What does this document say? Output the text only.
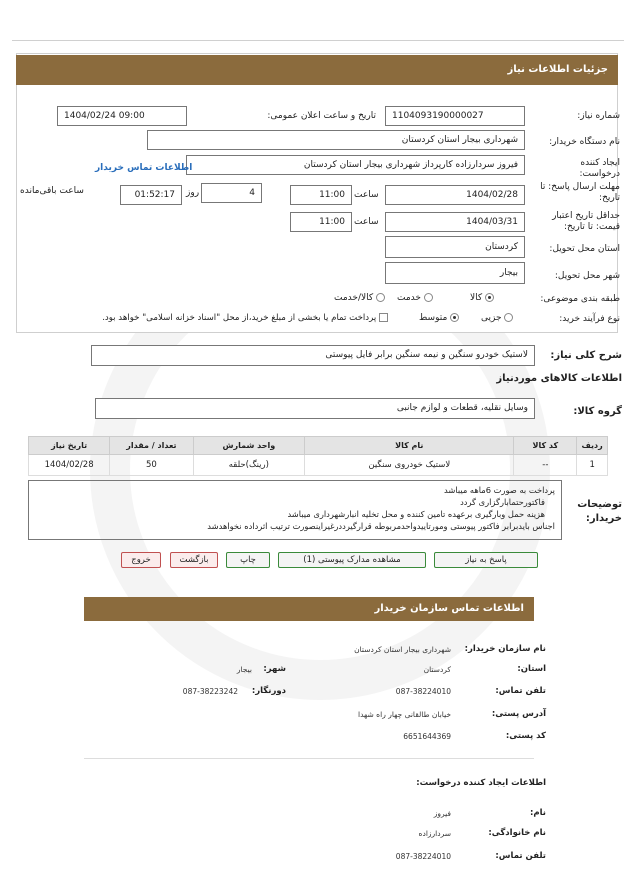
جزئیات اطلاعات نیاز
شماره نیاز:
1104093190000027
تاریخ و ساعت اعلان عمومی:
1404/02/24 09:00
نام دستگاه خریدار:
شهرداری بیجار استان کردستان
ایجاد کننده درخواست:
فیروز سردارزاده کارپرداز شهرداری بیجار استان کردستان
اطلاعات تماس خریدار
مهلت ارسال پاسخ: تا تاریخ:
1404/02/28
ساعت
11:00
4
روز
01:52:17
ساعت باقی‌مانده
حداقل تاریخ اعتبار قیمت: تا تاریخ:
1404/03/31
ساعت
11:00
استان محل تحویل:
کردستان
شهر محل تحویل:
بیجار
طبقه بندی موضوعی:
کالا
خدمت
کالا/خدمت
نوع فرآیند خرید:
جزیی
متوسط
پرداخت تمام یا بخشی از مبلغ خرید،از محل "اسناد خزانه اسلامی" خواهد بود.
شرح کلی نیاز:
لاستیک خودرو سنگین و نیمه سنگین برابر فایل پیوستی
اطلاعات کالاهای موردنیاز
گروه کالا:
وسایل نقلیه، قطعات و لوازم جانبی
ردیف	کد کالا	نام کالا	واحد شمارش	تعداد / مقدار	تاریخ نیاز
1	--	لاستیک خودروی سنگین	(رینگ)حلقه	50	1404/02/28
توضیحات خریدار:
پرداخت به صورت 6ماهه میباشد
فاکتورحتمابارگزاری گردد
هزینه حمل وبارگیری برعهده تامین کننده و محل تخلیه انبارشهرداری میباشد
اجناس بایدبرابر فاکتور پیوستی ومورتاییدواحدمربوطه قرارگیرددرغیراینصورت ترتیب اثرداده نخواهدشد
پاسخ به نیاز
مشاهده مدارک پیوستی (1)
چاپ
بازگشت
خروج
اطلاعات تماس سازمان خریدار
نام سازمان خریدار:
شهرداری بیجار استان کردستان
استان:
کردستان
شهر:
بیجار
تلفن تماس:
087-38224010
دورنگار:
087-38223242
آدرس پستی:
خیابان طالقانی چهار راه شهدا
کد پستی:
6651644369
اطلاعات ایجاد کننده درخواست:
نام:
فیروز
نام خانوادگی:
سردارزاده
تلفن تماس:
087-38224010
